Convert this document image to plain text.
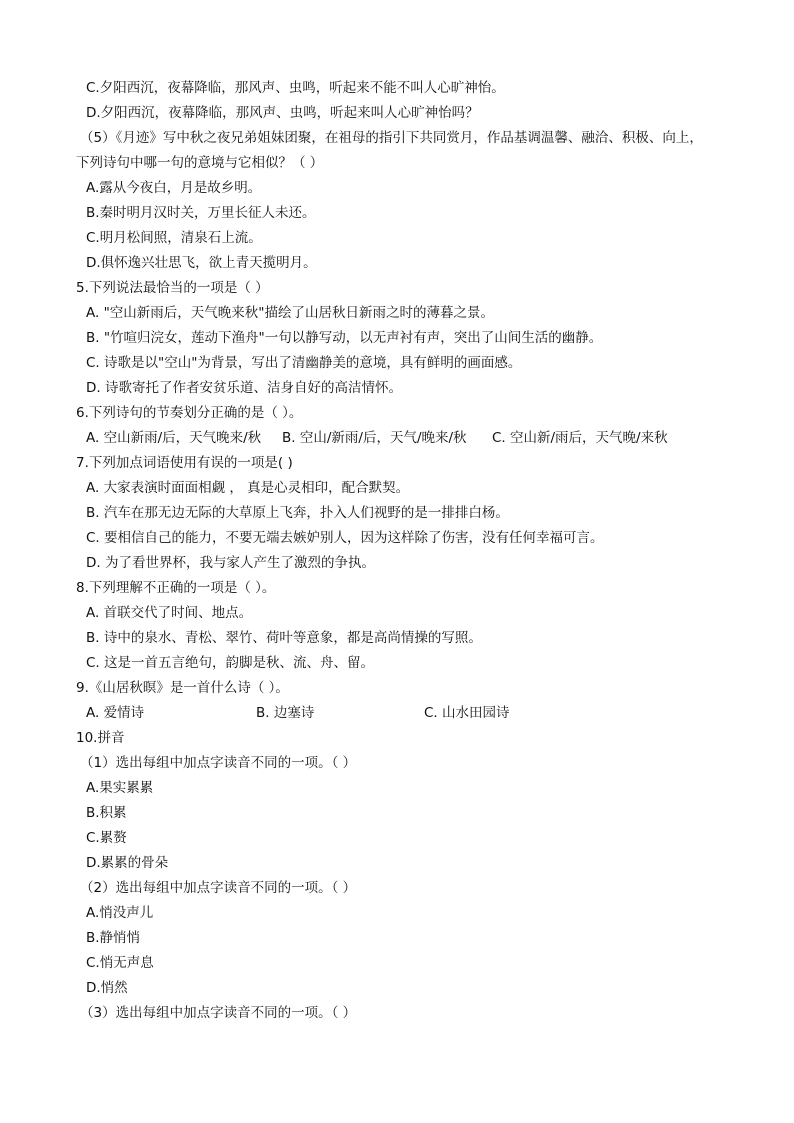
C.夕阳西沉，夜幕降临，那风声、虫鸣，听起来不能不叫人心旷神怡。
D.夕阳西沉，夜幕降临，那风声、虫鸣，听起来叫人心旷神怡吗？
（5）《月迹》写中秋之夜兄弟姐妹团聚，在祖母的指引下共同赏月，作品基调温馨、融洽、积极、向上，
下列诗句中哪一句的意境与它相似？（ ）
A.露从今夜白，月是故乡明。
B.秦时明月汉时关，万里长征人未还。
C.明月松间照，清泉石上流。
D.俱怀逸兴壮思飞，欲上青天揽明月。
5.下列说法最恰当的一项是（ ）
A. "空山新雨后，天气晚来秋"描绘了山居秋日新雨之时的薄暮之景。
B. "竹喧归浣女，莲动下渔舟"一句以静写动，以无声衬有声，突出了山间生活的幽静。
C. 诗歌是以"空山"为背景，写出了清幽静美的意境，具有鲜明的画面感。
D. 诗歌寄托了作者安贫乐道、洁身自好的高洁情怀。
6.下列诗句的节奏划分正确的是（ ）。
A. 空山新雨/后，天气晚来/秋 B. 空山/新雨/后，天气/晚来/秋 C. 空山新/雨后，天气晚/来秋
7.下列加点词语使用有误的一项是( )
A. 大家表演时面面相觑 ， 真是心灵相印，配合默契。
B. 汽车在那无边无际的大草原上飞奔，扑入人们视野的是一排排白杨。
C. 要相信自己的能力，不要无端去嫉妒别人，因为这样除了伤害，没有任何幸福可言。
D. 为了看世界杯，我与家人产生了激烈的争执。
8.下列理解不正确的一项是（ ）。
A. 首联交代了时间、地点。
B. 诗中的泉水、青松、翠竹、荷叶等意象，都是高尚情操的写照。
C. 这是一首五言绝句，韵脚是秋、流、舟、留。
9.《山居秋暝》是一首什么诗（ ）。
A. 爱情诗	B. 边塞诗	C. 山水田园诗
10.拼音
（1）选出每组中加点字读音不同的一项。（ ）
A.果实累累
B.积累
C.累赘
D.累累的骨朵
（2）选出每组中加点字读音不同的一项。（ ）
A.悄没声儿
B.静悄悄
C.悄无声息
D.悄然
（3）选出每组中加点字读音不同的一项。（ ）
